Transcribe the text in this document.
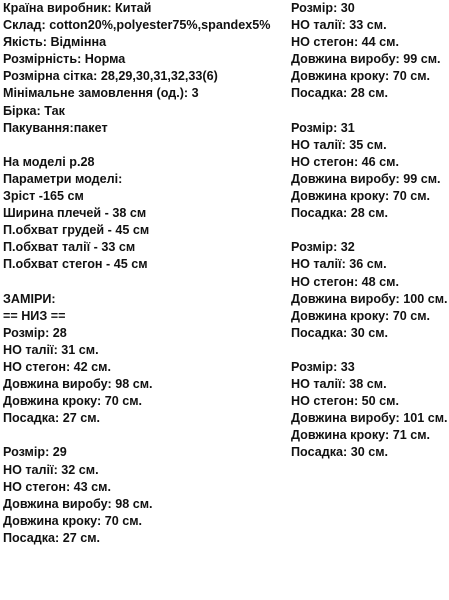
Країна виробник: Китай
Склад: cotton20%,polyester75%,spandex5%
Якість: Відмінна
Розмірність: Норма
Розмірна сітка: 28,29,30,31,32,33(6)
Мінімальне замовлення (од.): 3
Бірка: Так
Пакування:пакет
На моделі р.28
Параметри моделі:
Зріст -165 см
Ширина плечей - 38 см
П.обхват грудей - 45 см
П.обхват талії - 33 см
П.обхват стегон - 45 см
ЗАМІРИ:
== НИЗ ==
Розмір: 28
НО талії: 31 см.
НО стегон: 42 см.
Довжина виробу: 98 см.
Довжина кроку: 70 см.
Посадка: 27 см.
Розмір: 29
НО талії: 32 см.
НО стегон: 43 см.
Довжина виробу: 98 см.
Довжина кроку: 70 см.
Посадка: 27 см.
Розмір: 30
НО талії: 33 см.
НО стегон: 44 см.
Довжина виробу: 99 см.
Довжина кроку: 70 см.
Посадка: 28 см.
Розмір: 31
НО талії: 35 см.
НО стегон: 46 см.
Довжина виробу: 99 см.
Довжина кроку: 70 см.
Посадка: 28 см.
Розмір: 32
НО талії: 36 см.
НО стегон: 48 см.
Довжина виробу: 100 см.
Довжина кроку: 70 см.
Посадка: 30 см.
Розмір: 33
НО талії: 38 см.
НО стегон: 50 см.
Довжина виробу: 101 см.
Довжина кроку: 71 см.
Посадка: 30 см.
